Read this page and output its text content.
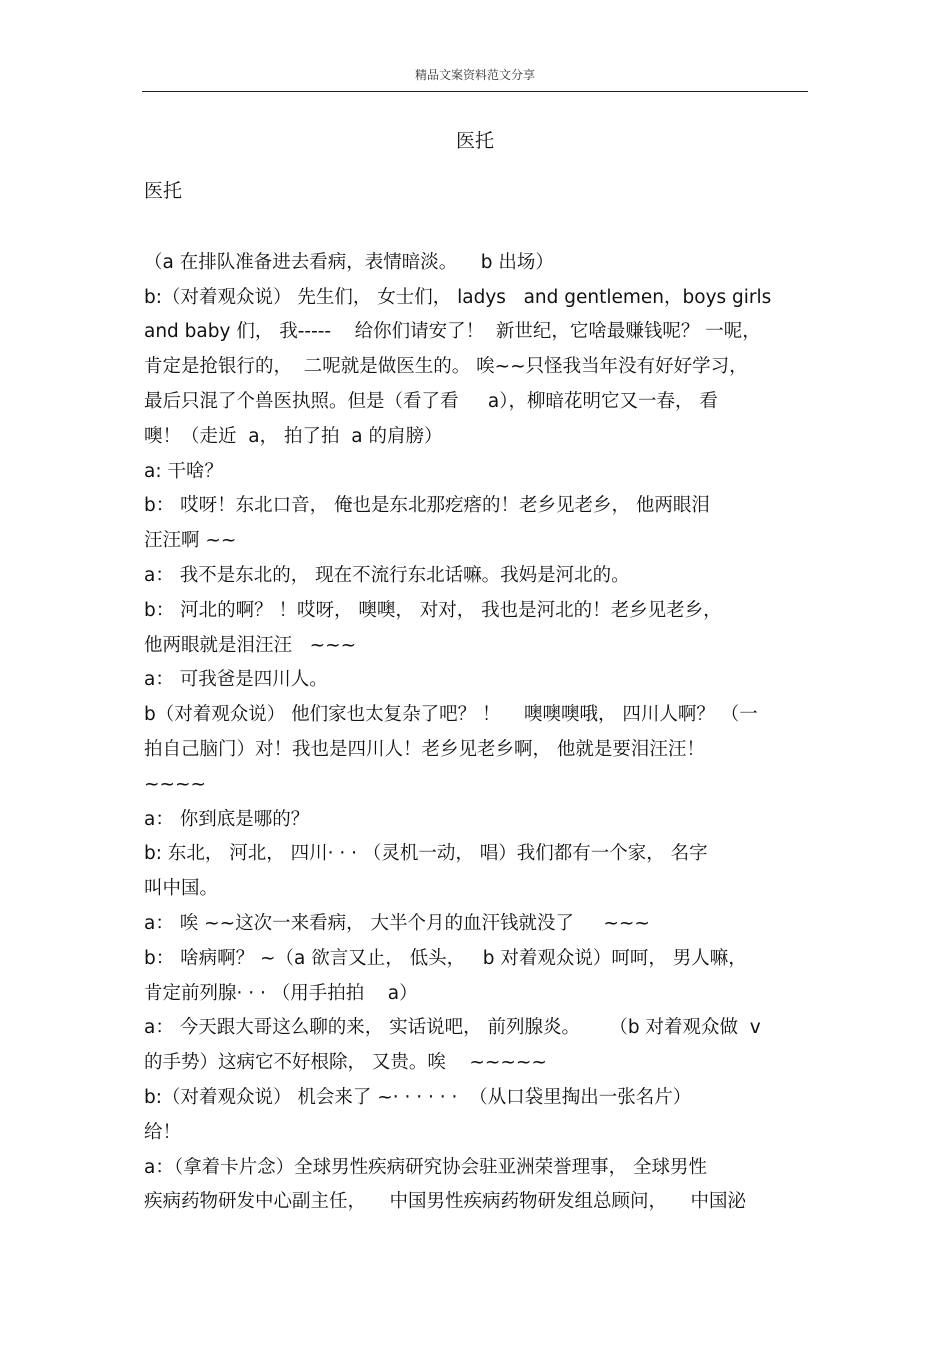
精品文案资料范文分享
医托
医托
（a 在排队准备进去看病，表情暗淡。    b 出场）
b:（对着观众说） 先生们， 女士们， ladys   and gentlemen，boys girls
and baby 们， 我-----    给你们请安了！  新世纪，它啥最赚钱呢？ 一呢，
肯定是抢银行的，  二呢就是做医生的。 唉~~只怪我当年没有好好学习，
最后只混了个兽医执照。但是（看了看     a），柳暗花明它又一春， 看
噢！（走近  a， 拍了拍  a 的肩膀）
a: 干啥？
b： 哎呀！东北口音， 俺也是东北那疙瘩的！老乡见老乡， 他两眼泪
汪汪啊 ~~
a： 我不是东北的， 现在不流行东北话嘛。我妈是河北的。
b： 河北的啊？ ！哎呀， 噢噢， 对对， 我也是河北的！老乡见老乡，
他两眼就是泪汪汪   ~~~
a： 可我爸是四川人。
b（对着观众说） 他们家也太复杂了吧？ ！    噢噢噢哦， 四川人啊？ （一
拍自己脑门）对！我也是四川人！老乡见老乡啊， 他就是要泪汪汪！
~~~~
a： 你到底是哪的？
b: 东北， 河北， 四川· · · （灵机一动， 唱）我们都有一个家， 名字
叫中国。
a： 唉 ~~这次一来看病， 大半个月的血汗钱就没了     ~~~
b： 啥病啊？ ~（a 欲言又止， 低头，   b 对着观众说）呵呵， 男人嘛，
肯定前列腺· · · （用手拍拍    a）
a： 今天跟大哥这么聊的来， 实话说吧， 前列腺炎。     （b 对着观众做  v
的手势）这病它不好根除， 又贵。唉    ~~~~~
b:（对着观众说） 机会来了 ~· · · · · ·  （从口袋里掏出一张名片）
给！
a：（拿着卡片念）全球男性疾病研究协会驻亚洲荣誉理事， 全球男性
疾病药物研发中心副主任，    中国男性疾病药物研发组总顾问，    中国泌
